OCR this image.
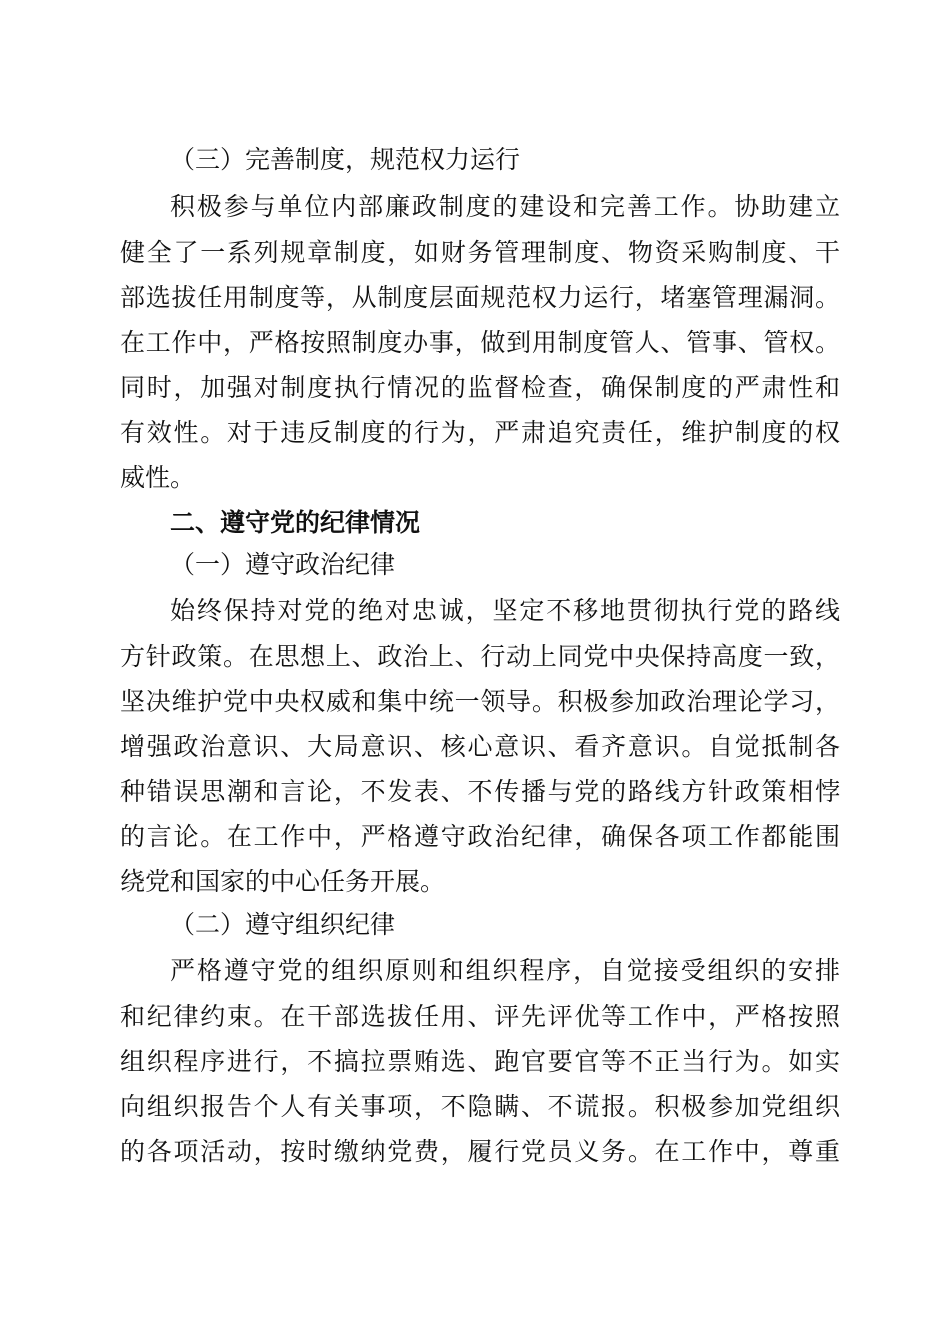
（三）完善制度，规范权力运行
积极参与单位内部廉政制度的建设和完善工作。协助建立
健全了一系列规章制度，如财务管理制度、物资采购制度、干
部选拔任用制度等，从制度层面规范权力运行，堵塞管理漏洞。
在工作中，严格按照制度办事，做到用制度管人、管事、管权。
同时，加强对制度执行情况的监督检查，确保制度的严肃性和
有效性。对于违反制度的行为，严肃追究责任，维护制度的权
威性。
二、遵守党的纪律情况
（一）遵守政治纪律
始终保持对党的绝对忠诚，坚定不移地贯彻执行党的路线
方针政策。在思想上、政治上、行动上同党中央保持高度一致，
坚决维护党中央权威和集中统一领导。积极参加政治理论学习，
增强政治意识、大局意识、核心意识、看齐意识。自觉抵制各
种错误思潮和言论，不发表、不传播与党的路线方针政策相悖
的言论。在工作中，严格遵守政治纪律，确保各项工作都能围
绕党和国家的中心任务开展。
（二）遵守组织纪律
严格遵守党的组织原则和组织程序，自觉接受组织的安排
和纪律约束。在干部选拔任用、评先评优等工作中，严格按照
组织程序进行，不搞拉票贿选、跑官要官等不正当行为。如实
向组织报告个人有关事项，不隐瞒、不谎报。积极参加党组织
的各项活动，按时缴纳党费，履行党员义务。在工作中，尊重
